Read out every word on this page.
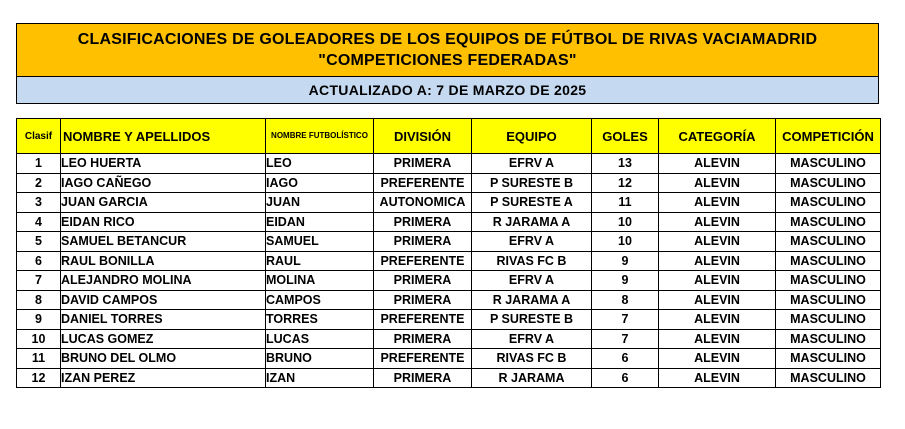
CLASIFICACIONES DE GOLEADORES DE LOS EQUIPOS DE FÚTBOL DE RIVAS VACIAMADRID
"COMPETICIONES FEDERADAS"
ACTUALIZADO A: 7 DE MARZO DE 2025
Clasif	NOMBRE Y APELLIDOS	NOMBRE FUTBOLÍSTICO	DIVISIÓN	EQUIPO	GOLES	CATEGORÍA	COMPETICIÓN
1	LEO HUERTA	LEO	PRIMERA	EFRV A	13	ALEVIN	MASCULINO
2	IAGO CAÑEGO	IAGO	PREFERENTE	P SURESTE B	12	ALEVIN	MASCULINO
3	JUAN GARCIA	JUAN	AUTONOMICA	P SURESTE A	11	ALEVIN	MASCULINO
4	EIDAN RICO	EIDAN	PRIMERA	R JARAMA A	10	ALEVIN	MASCULINO
5	SAMUEL BETANCUR	SAMUEL	PRIMERA	EFRV A	10	ALEVIN	MASCULINO
6	RAUL BONILLA	RAUL	PREFERENTE	RIVAS FC B	9	ALEVIN	MASCULINO
7	ALEJANDRO MOLINA	MOLINA	PRIMERA	EFRV A	9	ALEVIN	MASCULINO
8	DAVID CAMPOS	CAMPOS	PRIMERA	R JARAMA A	8	ALEVIN	MASCULINO
9	DANIEL TORRES	TORRES	PREFERENTE	P SURESTE B	7	ALEVIN	MASCULINO
10	LUCAS GOMEZ	LUCAS	PRIMERA	EFRV A	7	ALEVIN	MASCULINO
11	BRUNO DEL OLMO	BRUNO	PREFERENTE	RIVAS FC B	6	ALEVIN	MASCULINO
12	IZAN PEREZ	IZAN	PRIMERA	R JARAMA	6	ALEVIN	MASCULINO
